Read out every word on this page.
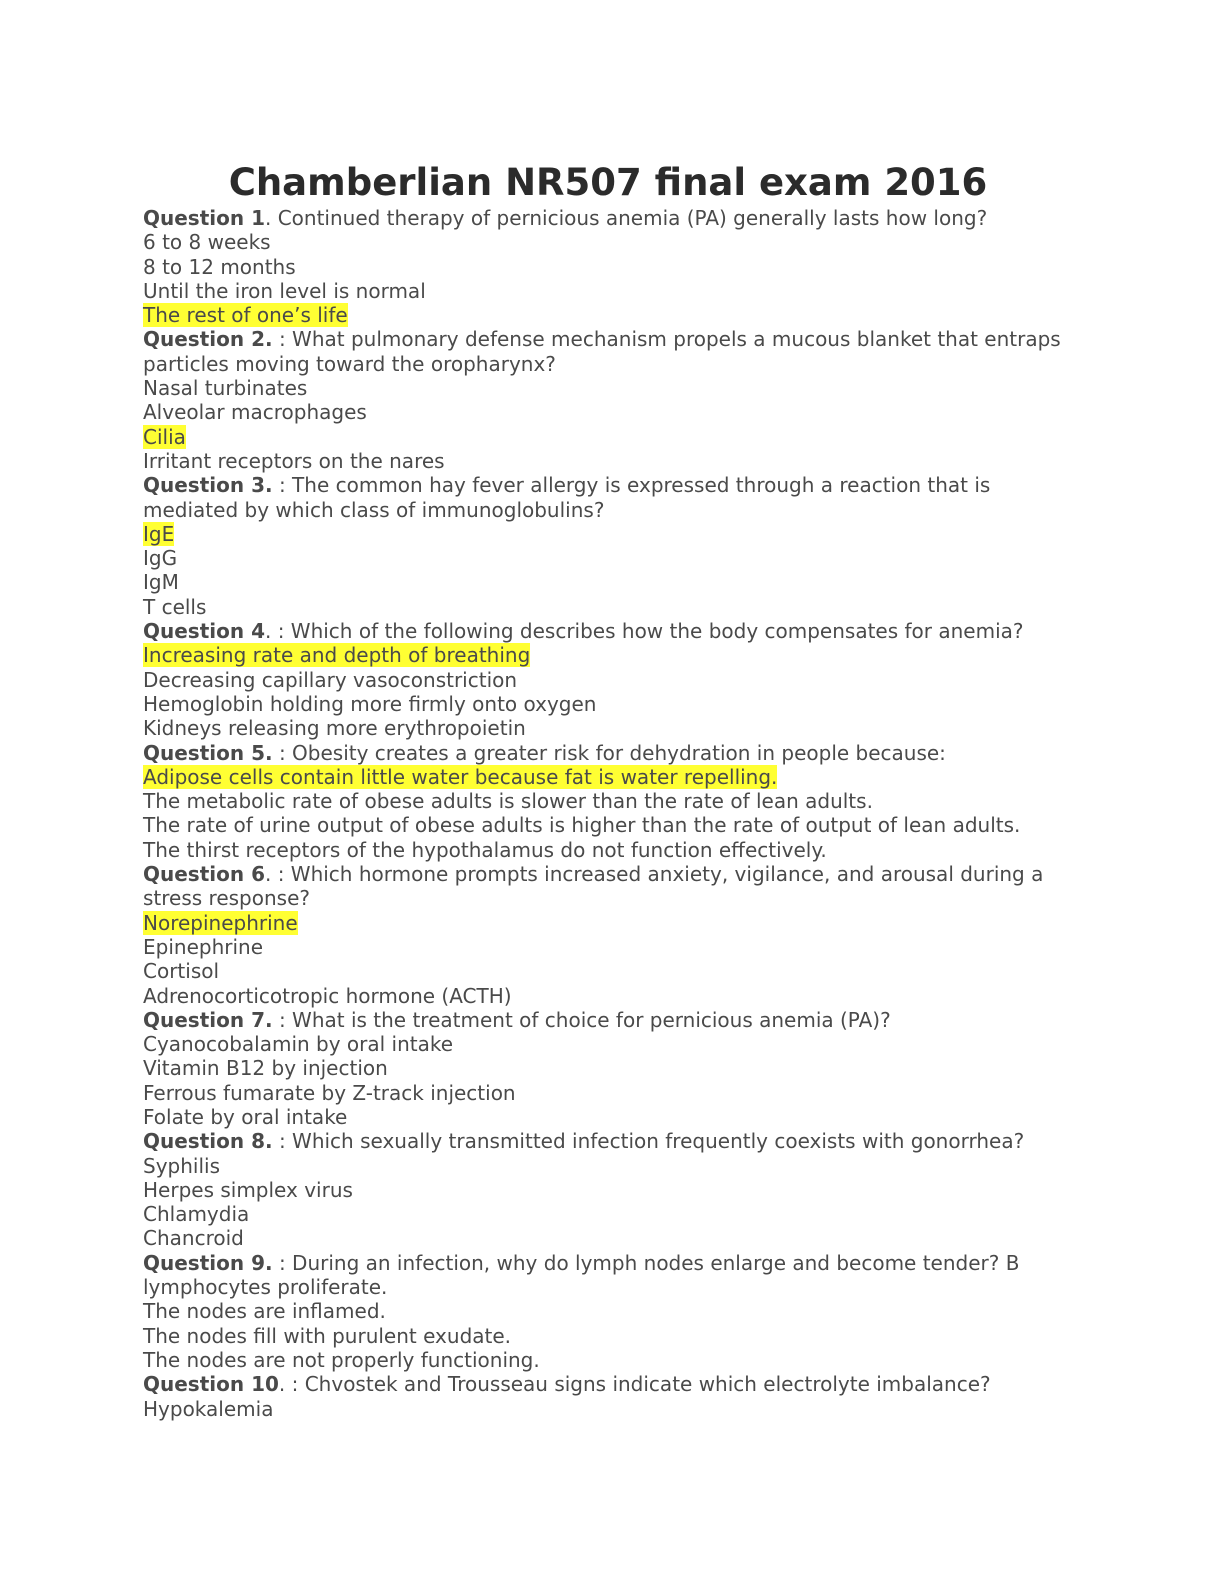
Chamberlian NR507 final exam 2016
Question 1. Continued therapy of pernicious anemia (PA) generally lasts how long?
6 to 8 weeks
8 to 12 months
Until the iron level is normal
The rest of one’s life
Question 2. : What pulmonary defense mechanism propels a mucous blanket that entraps particles moving toward the oropharynx?
Nasal turbinates
Alveolar macrophages
Cilia
Irritant receptors on the nares
Question 3. : The common hay fever allergy is expressed through a reaction that is mediated by which class of immunoglobulins?
IgE
IgG
IgM
T cells
Question 4. : Which of the following describes how the body compensates for anemia?
Increasing rate and depth of breathing
Decreasing capillary vasoconstriction
Hemoglobin holding more firmly onto oxygen
Kidneys releasing more erythropoietin
Question 5. : Obesity creates a greater risk for dehydration in people because:
Adipose cells contain little water because fat is water repelling.
The metabolic rate of obese adults is slower than the rate of lean adults.
The rate of urine output of obese adults is higher than the rate of output of lean adults.
The thirst receptors of the hypothalamus do not function effectively.
Question 6. : Which hormone prompts increased anxiety, vigilance, and arousal during a stress response?
Norepinephrine
Epinephrine
Cortisol
Adrenocorticotropic hormone (ACTH)
Question 7. : What is the treatment of choice for pernicious anemia (PA)?
Cyanocobalamin by oral intake
Vitamin B12 by injection
Ferrous fumarate by Z-track injection
Folate by oral intake
Question 8. : Which sexually transmitted infection frequently coexists with gonorrhea?
Syphilis
Herpes simplex virus
Chlamydia
Chancroid
Question 9. : During an infection, why do lymph nodes enlarge and become tender? B lymphocytes proliferate.
The nodes are inflamed.
The nodes fill with purulent exudate.
The nodes are not properly functioning.
Question 10. : Chvostek and Trousseau signs indicate which electrolyte imbalance?
Hypokalemia
